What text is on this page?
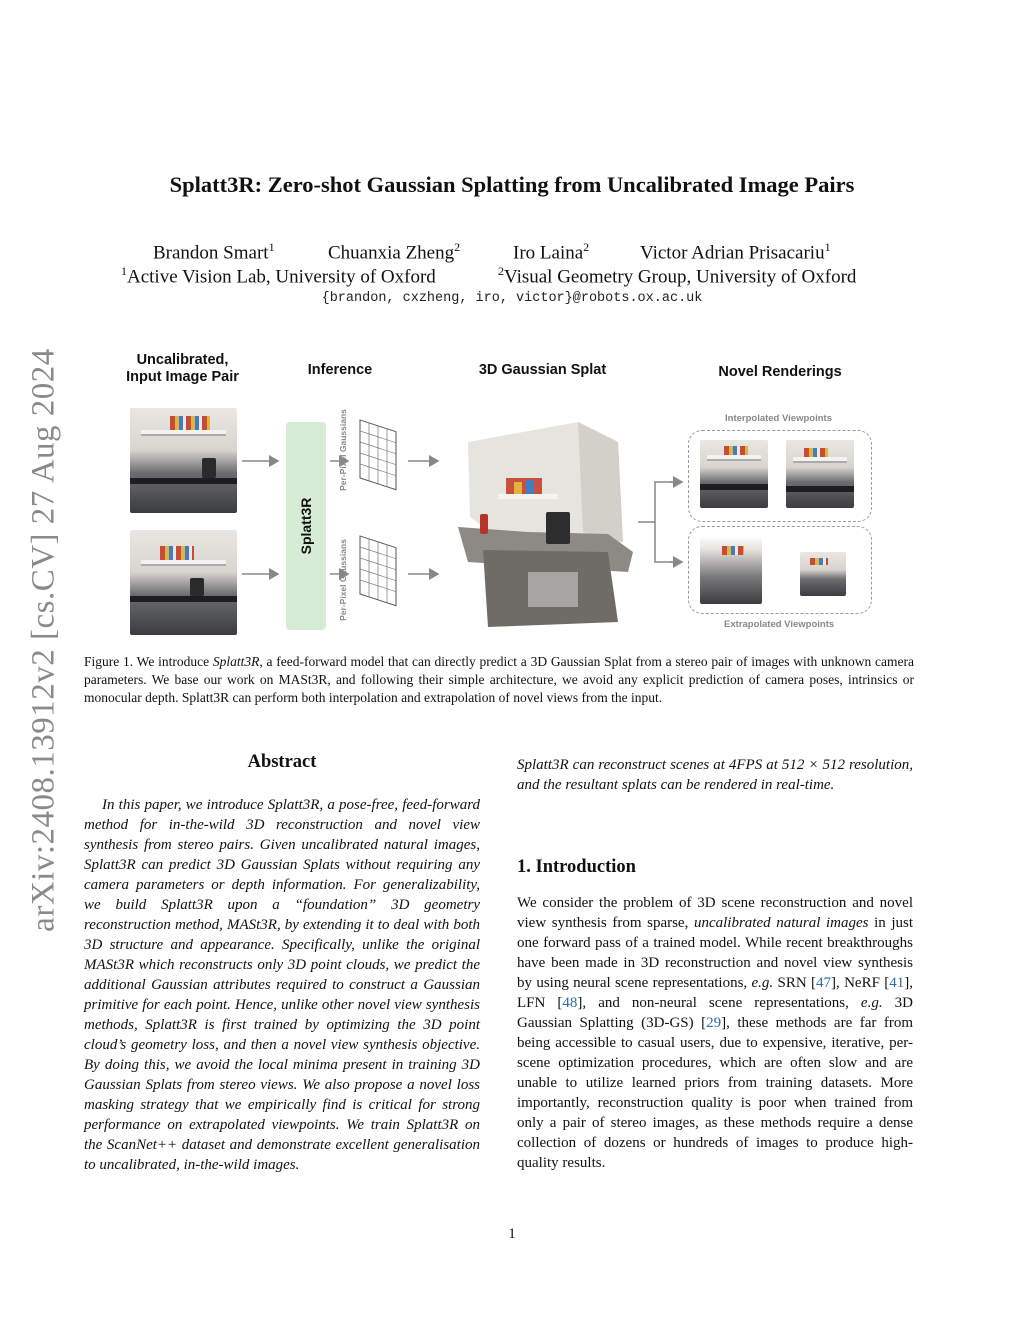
arXiv:2408.13912v2 [cs.CV] 27 Aug 2024
Splatt3R: Zero-shot Gaussian Splatting from Uncalibrated Image Pairs
Brandon Smart$^1$	Chuanxia Zheng$^2$	Iro Laina$^2$	Victor Adrian Prisacariu$^1$
$^1$Active Vision Lab, University of Oxford	$^2$Visual Geometry Group, University of Oxford
{brandon, cxzheng, iro, victor}@robots.ox.ac.uk
Uncalibrated,
Input Image Pair	Inference	3D Gaussian Splat	Novel Renderings
Splatt3R
Per-Pixel Gaussians
Per-Pixel Gaussians
Interpolated Viewpoints
Extrapolated Viewpoints
Figure 1. We introduce Splatt3R, a feed-forward model that can directly predict a 3D Gaussian Splat from a stereo pair of images with unknown camera parameters. We base our work on MASt3R, and following their simple architecture, we avoid any explicit prediction of camera poses, intrinsics or monocular depth. Splatt3R can perform both interpolation and extrapolation of novel views from the input.
Abstract

In this paper, we introduce Splatt3R, a pose-free, feed-forward method for in-the-wild 3D reconstruction and novel view synthesis from stereo pairs. Given uncalibrated natural images, Splatt3R can predict 3D Gaussian Splats without requiring any camera parameters or depth information. For generalizability, we build Splatt3R upon a “foundation” 3D geometry reconstruction method, MASt3R, by extending it to deal with both 3D structure and appearance. Specifically, unlike the original MASt3R which reconstructs only 3D point clouds, we predict the additional Gaussian attributes required to construct a Gaussian primitive for each point. Hence, unlike other novel view synthesis methods, Splatt3R is first trained by optimizing the 3D point cloud’s geometry loss, and then a novel view synthesis objective. By doing this, we avoid the local minima present in training 3D Gaussian Splats from stereo views. We also propose a novel loss masking strategy that we empirically find is critical for strong performance on extrapolated viewpoints. We train Splatt3R on the ScanNet++ dataset and demonstrate excellent generalisation to uncalibrated, in-the-wild images.

Splatt3R can reconstruct scenes at 4FPS at 512 × 512 resolution, and the resultant splats can be rendered in real-time.
1. Introduction
We consider the problem of 3D scene reconstruction and novel view synthesis from sparse, uncalibrated natural images in just one forward pass of a trained model. While recent breakthroughs have been made in 3D reconstruction and novel view synthesis by using neural scene representations, e.g. SRN [47], NeRF [41], LFN [48], and non-neural scene representations, e.g. 3D Gaussian Splatting (3D-GS) [29], these methods are far from being accessible to casual users, due to expensive, iterative, per-scene optimization procedures, which are often slow and are unable to utilize learned priors from training datasets. More importantly, reconstruction quality is poor when trained from only a pair of stereo images, as these methods require a dense collection of dozens or hundreds of images to produce high-quality results.
1
